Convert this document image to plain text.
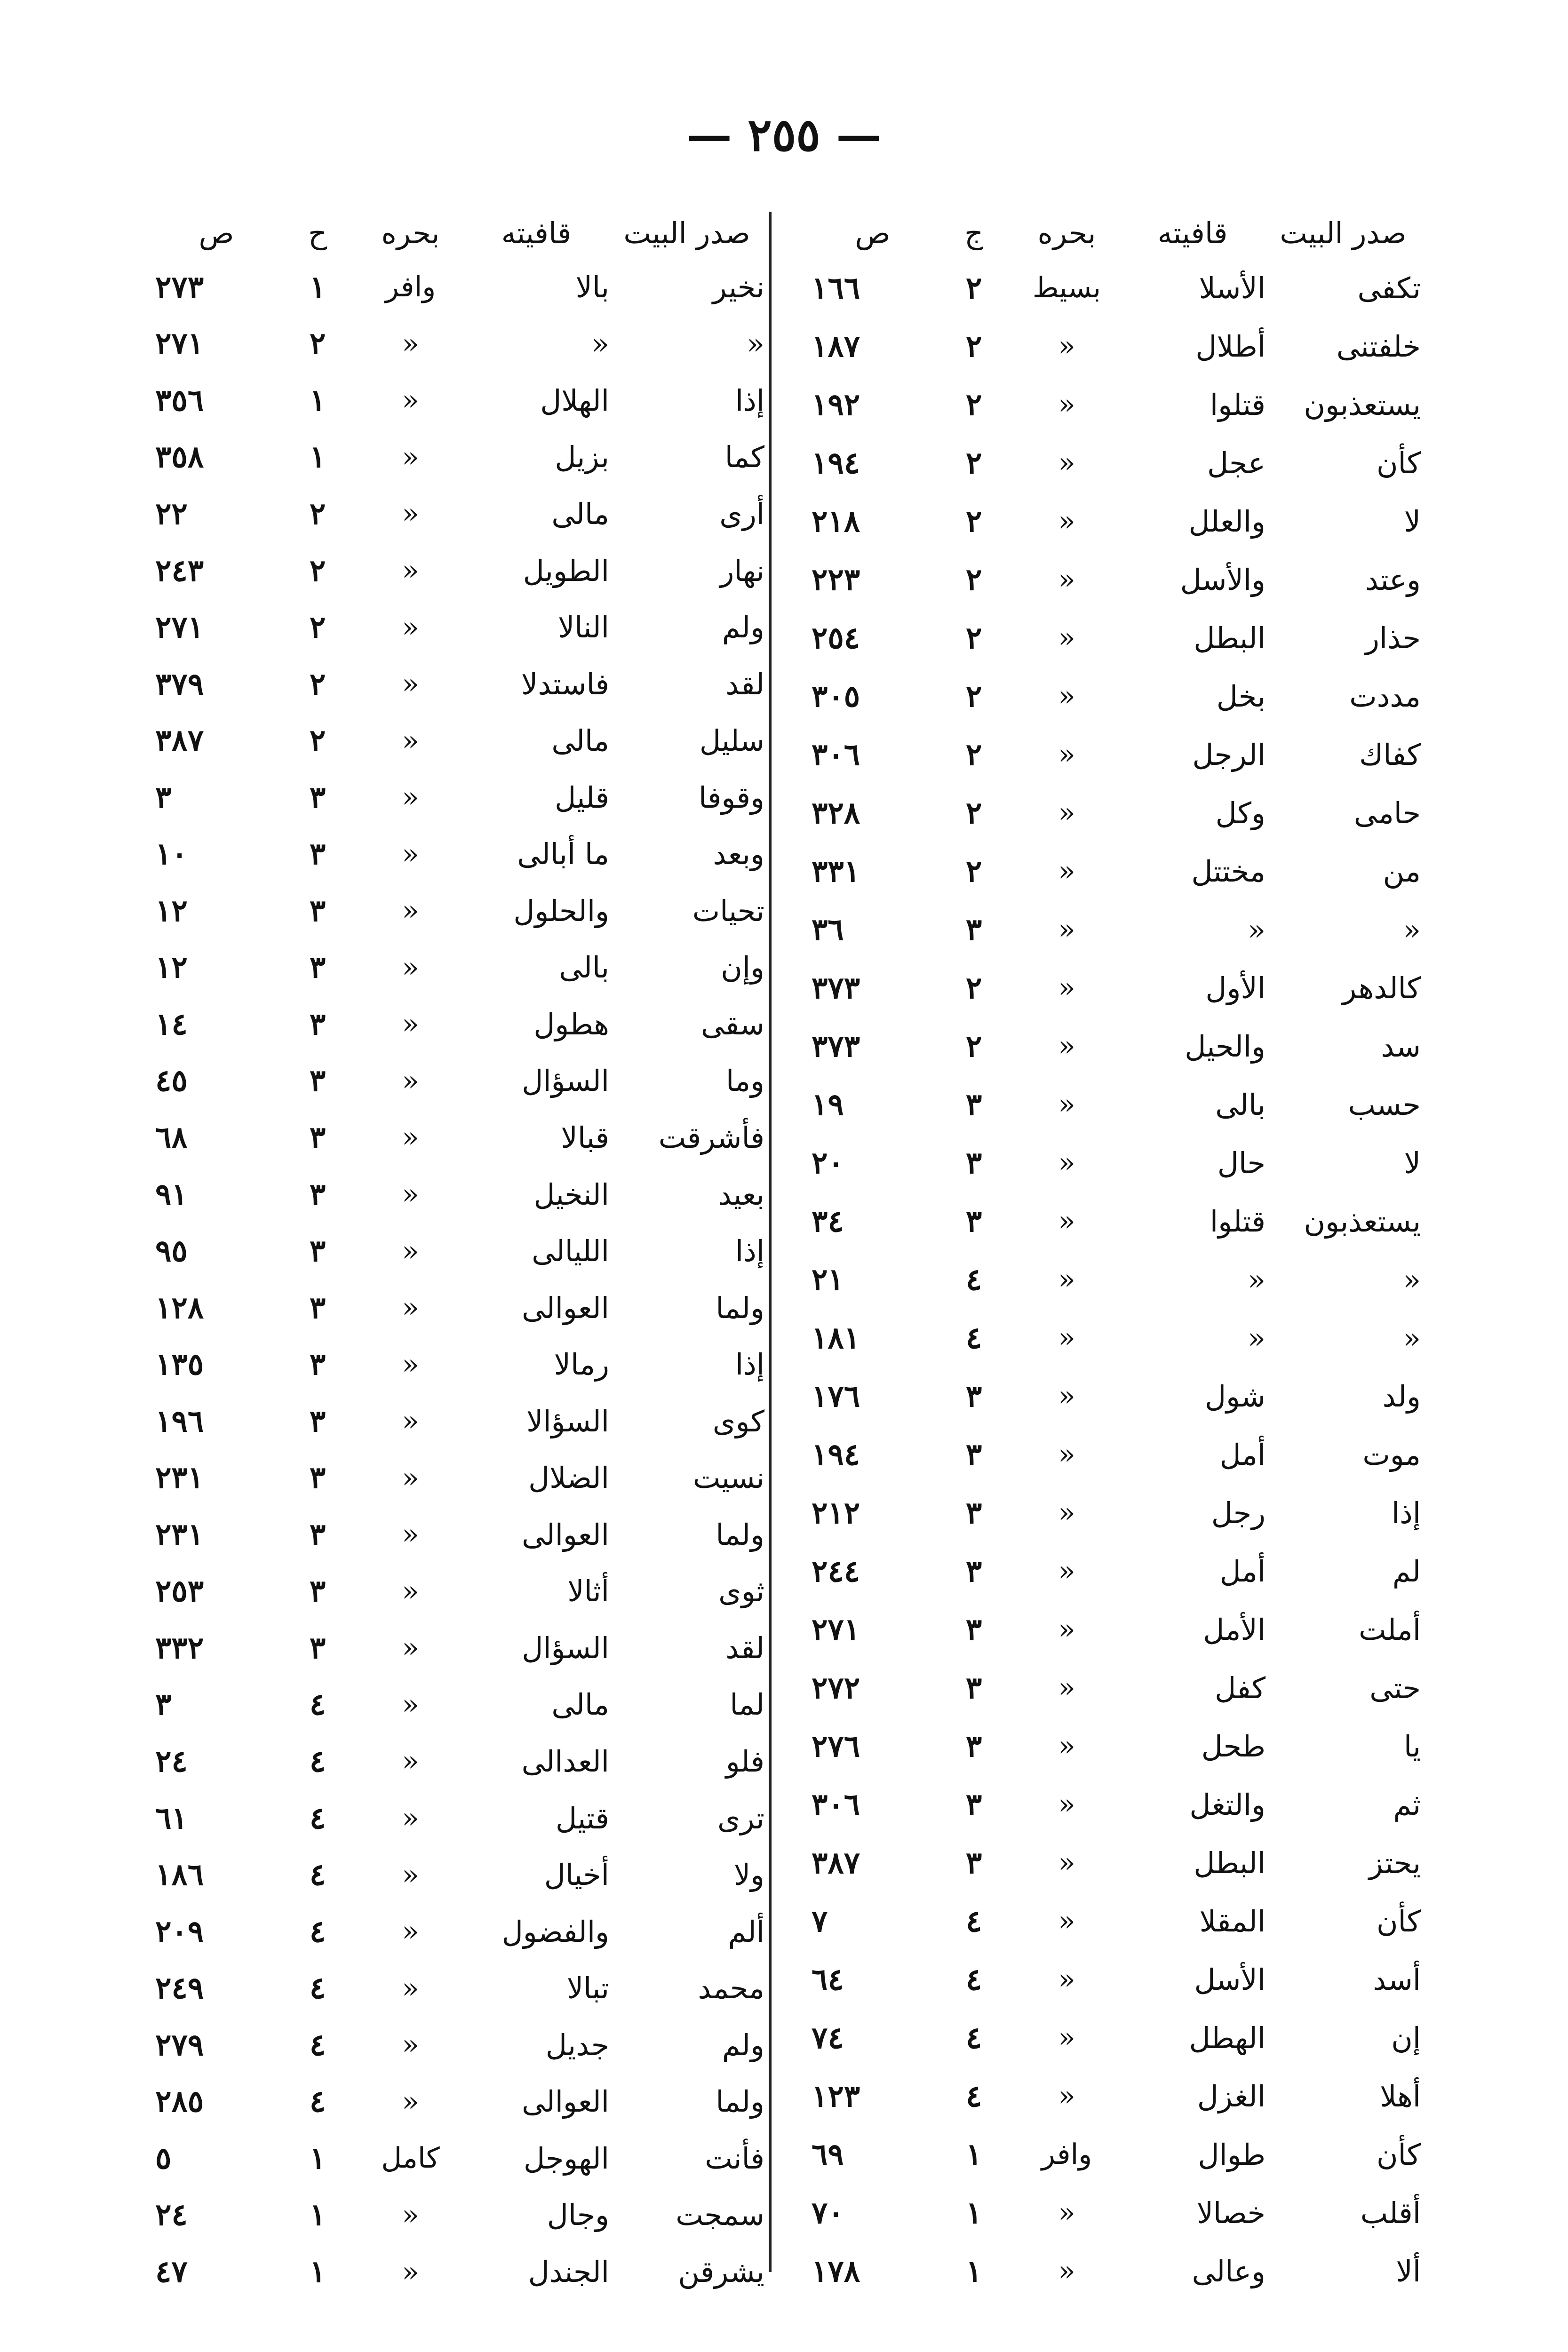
— ٢٥٥ —
صدر البيت	قافيته	بحره	ج	ص
تكفى	الأسلا	بسيط	٢	١٦٦
خلفتنى	أطلال	«	٢	١٨٧
يستعذبون	قتلوا	«	٢	١٩٢
كأن	عجل	«	٢	١٩٤
لا	والعلل	«	٢	٢١٨
وعتد	والأسل	«	٢	٢٢٣
حذار	البطل	«	٢	٢٥٤
مددت	بخل	«	٢	٣٠٥
كفاك	الرجل	«	٢	٣٠٦
حامى	وكل	«	٢	٣٢٨
من	مختتل	«	٢	٣٣١
«	«	«	٣	٣٦
كالدهر	الأول	«	٢	٣٧٣
سد	والحيل	«	٢	٣٧٣
حسب	بالى	«	٣	١٩
لا	حال	«	٣	٢٠
يستعذبون	قتلوا	«	٣	٣٤
«	«	«	٤	٢١
«	«	«	٤	١٨١
ولد	شول	«	٣	١٧٦
موت	أمل	«	٣	١٩٤
إذا	رجل	«	٣	٢١٢
لم	أمل	«	٣	٢٤٤
أملت	الأمل	«	٣	٢٧١
حتى	كفل	«	٣	٢٧٢
يا	طحل	«	٣	٢٧٦
ثم	والتغل	«	٣	٣٠٦
يحتز	البطل	«	٣	٣٨٧
كأن	المقلا	«	٤	٧
أسد	الأسل	«	٤	٦٤
إن	الهطل	«	٤	٧٤
أهلا	الغزل	«	٤	١٢٣
كأن	طوال	وافر	١	٦٩
أقلب	خصالا	«	١	٧٠
ألا	وعالى	«	١	١٧٨
صدر البيت	قافيته	بحره	ح	ص
نخير	بالا	وافر	١	٢٧٣
«	«	«	٢	٢٧١
إذا	الهلال	«	١	٣٥٦
كما	بزيل	«	١	٣٥٨
أرى	مالى	«	٢	٢٢
نهار	الطويل	«	٢	٢٤٣
ولم	النالا	«	٢	٢٧١
لقد	فاستدلا	«	٢	٣٧٩
سليل	مالى	«	٢	٣٨٧
وقوفا	قليل	«	٣	٣
وبعد	ما أبالى	«	٣	١٠
تحيات	والحلول	«	٣	١٢
وإن	بالى	«	٣	١٢
سقى	هطول	«	٣	١٤
وما	السؤال	«	٣	٤٥
فأشرقت	قبالا	«	٣	٦٨
بعيد	النخيل	«	٣	٩١
إذا	الليالى	«	٣	٩٥
ولما	العوالى	«	٣	١٢٨
إذا	رمالا	«	٣	١٣٥
كوى	السؤالا	«	٣	١٩٦
نسيت	الضلال	«	٣	٢٣١
ولما	العوالى	«	٣	٢٣١
ثوى	أثالا	«	٣	٢٥٣
لقد	السؤال	«	٣	٣٣٢
لما	مالى	«	٤	٣
فلو	العدالى	«	٤	٢٤
ترى	قتيل	«	٤	٦١
ولا	أخيال	«	٤	١٨٦
ألم	والفضول	«	٤	٢٠٩
محمد	تبالا	«	٤	٢٤٩
ولم	جديل	«	٤	٢٧٩
ولما	العوالى	«	٤	٢٨٥
فأنت	الهوجل	كامل	١	٥
سمجت	وجال	«	١	٢٤
يشرقن	الجندل	«	١	٤٧
